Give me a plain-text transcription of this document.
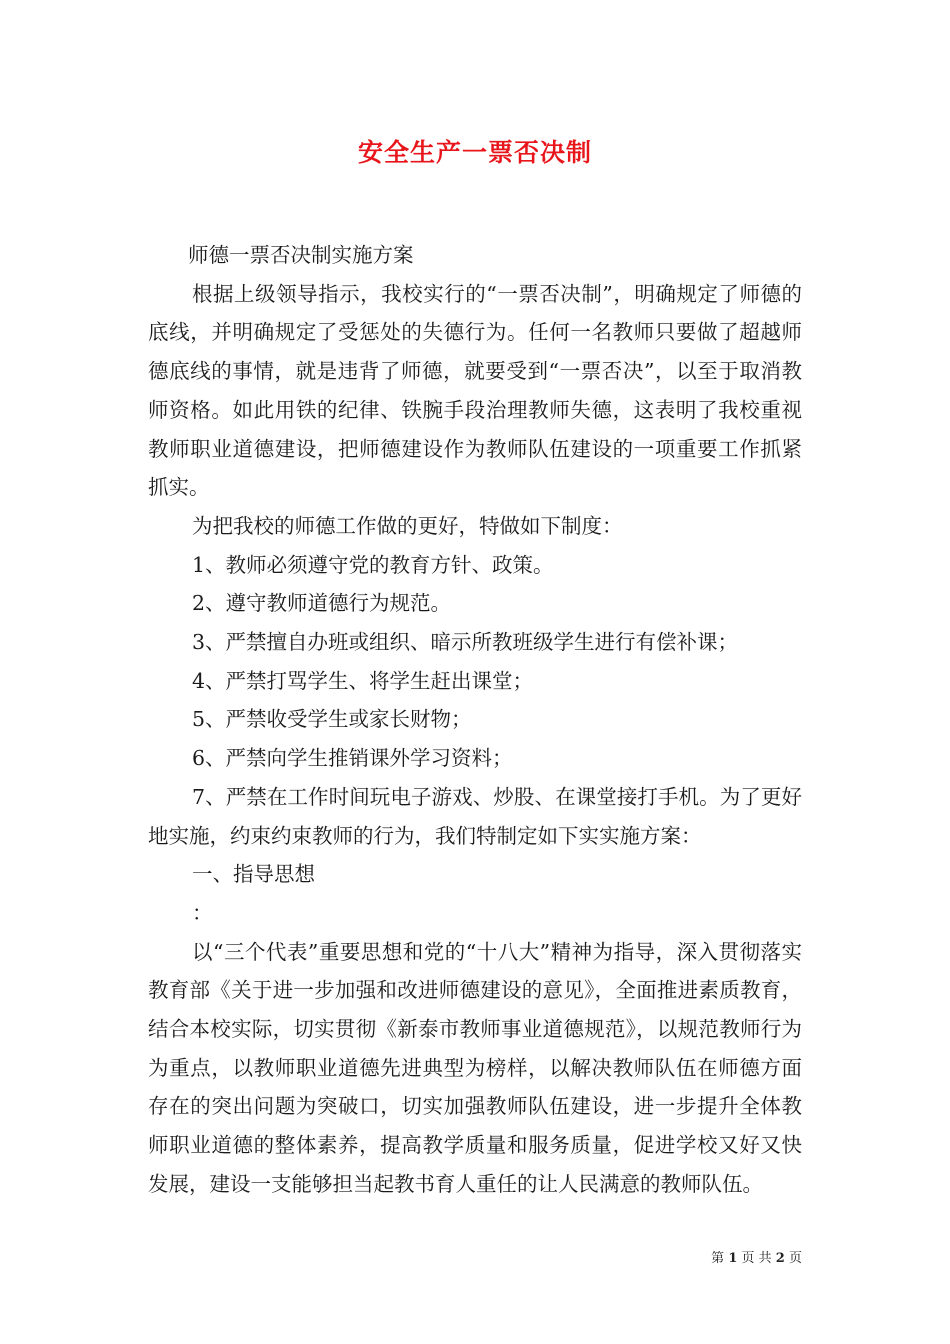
安全生产一票否决制

师德一票否决制实施方案

根据上级领导指示，我校实行的“一票否决制”，明确规定了师德的底线，并明确规定了受惩处的失德行为。任何一名教师只要做了超越师德底线的事情，就是违背了师德，就要受到“一票否决”，以至于取消教师资格。如此用铁的纪律、铁腕手段治理教师失德，这表明了我校重视教师职业道德建设，把师德建设作为教师队伍建设的一项重要工作抓紧抓实。

为把我校的师德工作做的更好，特做如下制度：

1、教师必须遵守党的教育方针、政策。

2、遵守教师道德行为规范。

3、严禁擅自办班或组织、暗示所教班级学生进行有偿补课；

4、严禁打骂学生、将学生赶出课堂；

5、严禁收受学生或家长财物；

6、严禁向学生推销课外学习资料；

7、严禁在工作时间玩电子游戏、炒股、在课堂接打手机。为了更好地实施，约束约束教师的行为，我们特制定如下实实施方案：

一、指导思想

：

以“三个代表”重要思想和党的“十八大”精神为指导，深入贯彻落实教育部《关于进一步加强和改进师德建设的意见》，全面推进素质教育，结合本校实际，切实贯彻《新泰市教师事业道德规范》，以规范教师行为为重点，以教师职业道德先进典型为榜样，以解决教师队伍在师德方面存在的突出问题为突破口，切实加强教师队伍建设，进一步提升全体教师职业道德的整体素养，提高教学质量和服务质量，促进学校又好又快发展，建设一支能够担当起教书育人重任的让人民满意的教师队伍。

第 1 页 共 2 页
